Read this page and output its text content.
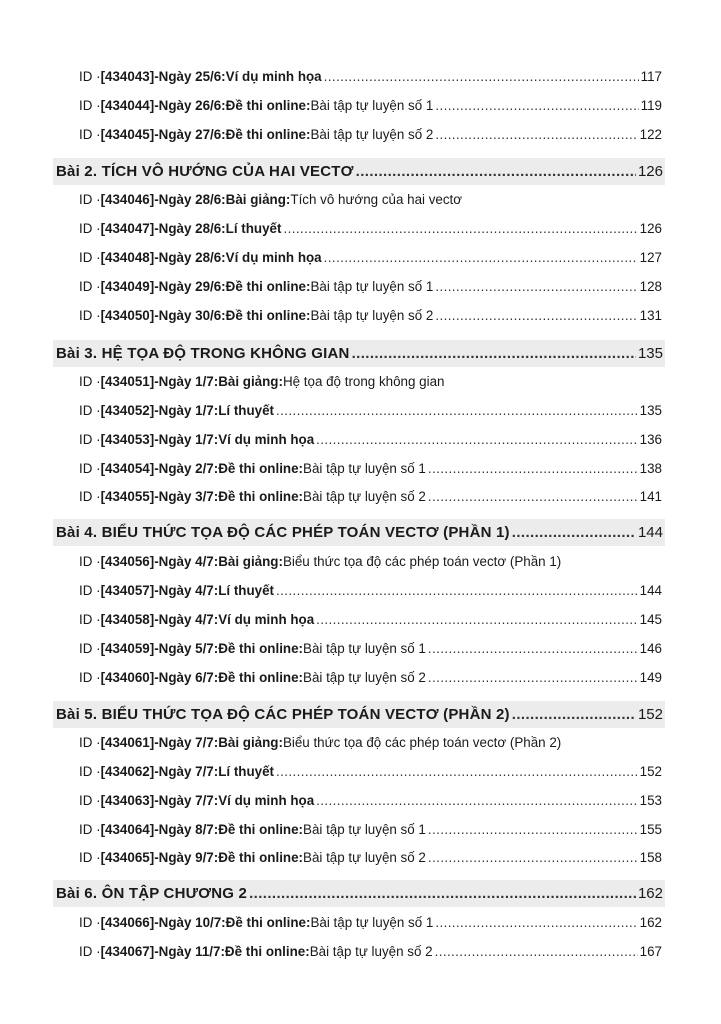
ID · [434043] - Ngày 25/6: Ví dụ minh họa .....	117
ID · [434044] - Ngày 26/6: Đề thi online: Bài tập tự luyện số 1 .....	119
ID · [434045] - Ngày 27/6: Đề thi online: Bài tập tự luyện số 2 .....	122
Bài 2. TÍCH VÔ HƯỚNG CỦA HAI VECTƠ .....	126
ID · [434046] - Ngày 28/6: Bài giảng: Tích vô hướng của hai vectơ
ID · [434047] - Ngày 28/6: Lí thuyết .....	126
ID · [434048] - Ngày 28/6: Ví dụ minh họa .....	127
ID · [434049] - Ngày 29/6: Đề thi online: Bài tập tự luyện số 1 .....	128
ID · [434050] - Ngày 30/6: Đề thi online: Bài tập tự luyện số 2 .....	131
Bài 3. HỆ TỌA ĐỘ TRONG KHÔNG GIAN .....	135
ID · [434051] - Ngày 1/7: Bài giảng: Hệ tọa độ trong không gian
ID · [434052] - Ngày 1/7: Lí thuyết .....	135
ID · [434053] - Ngày 1/7: Ví dụ minh họa .....	136
ID · [434054] - Ngày 2/7: Đề thi online: Bài tập tự luyện số 1 .....	138
ID · [434055] - Ngày 3/7: Đề thi online: Bài tập tự luyện số 2 .....	141
Bài 4. BIỂU THỨC TỌA ĐỘ CÁC PHÉP TOÁN VECTƠ (PHẦN 1) .....	144
ID · [434056] - Ngày 4/7: Bài giảng: Biểu thức tọa độ các phép toán vectơ (Phần 1)
ID · [434057] - Ngày 4/7: Lí thuyết .....	144
ID · [434058] - Ngày 4/7: Ví dụ minh họa .....	145
ID · [434059] - Ngày 5/7: Đề thi online: Bài tập tự luyện số 1 .....	146
ID · [434060] - Ngày 6/7: Đề thi online: Bài tập tự luyện số 2 .....	149
Bài 5. BIỂU THỨC TỌA ĐỘ CÁC PHÉP TOÁN VECTƠ (PHẦN 2) .....	152
ID · [434061] - Ngày 7/7: Bài giảng: Biểu thức tọa độ các phép toán vectơ (Phần 2)
ID · [434062] - Ngày 7/7: Lí thuyết .....	152
ID · [434063] - Ngày 7/7: Ví dụ minh họa .....	153
ID · [434064] - Ngày 8/7: Đề thi online: Bài tập tự luyện số 1 .....	155
ID · [434065] - Ngày 9/7: Đề thi online: Bài tập tự luyện số 2 .....	158
Bài 6. ÔN TẬP CHƯƠNG 2 .....	162
ID · [434066] - Ngày 10/7: Đề thi online: Bài tập tự luyện số 1 .....	162
ID · [434067] - Ngày 11/7: Đề thi online: Bài tập tự luyện số 2 .....	167
